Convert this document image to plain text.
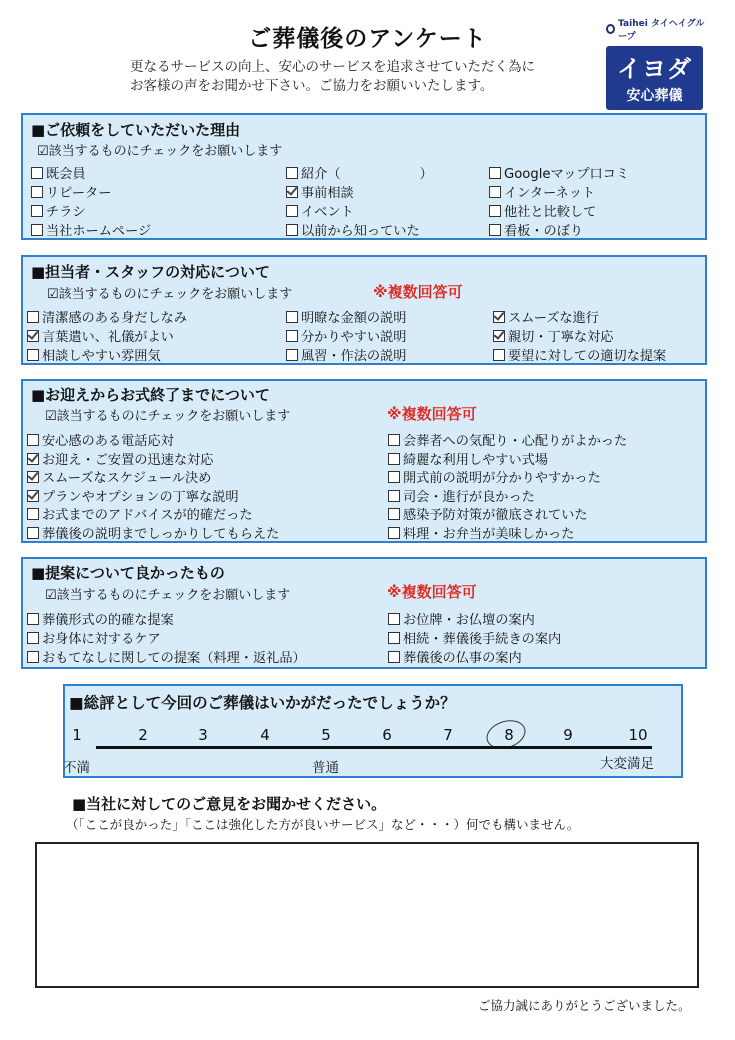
ご葬儀後のアンケート
更なるサービスの向上、安心のサービスを追求させていただく為に
お客様の声をお聞かせ下さい。ご協力をお願いいたします。
Taihei タイヘイグループ
イヨダ
安心葬儀
■ご依頼をしていただいた理由
☑該当するものにチェックをお願いします
既会員
リピーター
チラシ
当社ホームページ
紹介（　　　　　　）
事前相談
イベント
以前から知っていた
Googleマップ口コミ
インターネット
他社と比較して
看板・のぼり
■担当者・スタッフの対応について
☑該当するものにチェックをお願いします	※複数回答可
清潔感のある身だしなみ
言葉遣い、礼儀がよい
相談しやすい雰囲気
明瞭な金額の説明
分かりやすい説明
風習・作法の説明
スムーズな進行
親切・丁寧な対応
要望に対しての適切な提案
■お迎えからお式終了までについて
☑該当するものにチェックをお願いします	※複数回答可
安心感のある電話応対
お迎え・ご安置の迅速な対応
スムーズなスケジュール決め
プランやオプションの丁寧な説明
お式までのアドバイスが的確だった
葬儀後の説明までしっかりしてもらえた
会葬者への気配り・心配りがよかった
綺麗な利用しやすい式場
開式前の説明が分かりやすかった
司会・進行が良かった
感染予防対策が徹底されていた
料理・お弁当が美味しかった
■提案について良かったもの
☑該当するものにチェックをお願いします	※複数回答可
葬儀形式の的確な提案
お身体に対するケア
おもてなしに関しての提案（料理・返礼品）
お位牌・お仏壇の案内
相続・葬儀後手続きの案内
葬儀後の仏事の案内
■総評として今回のご葬儀はいかがだったでしょうか？
1	2	3	4	5	6	7	8	9	10
不満	普通	大変満足
■当社に対してのご意見をお聞かせください。
（「ここが良かった」「ここは強化した方が良いサービス」など・・・）何でも構いません。
ご協力誠にありがとうございました。
